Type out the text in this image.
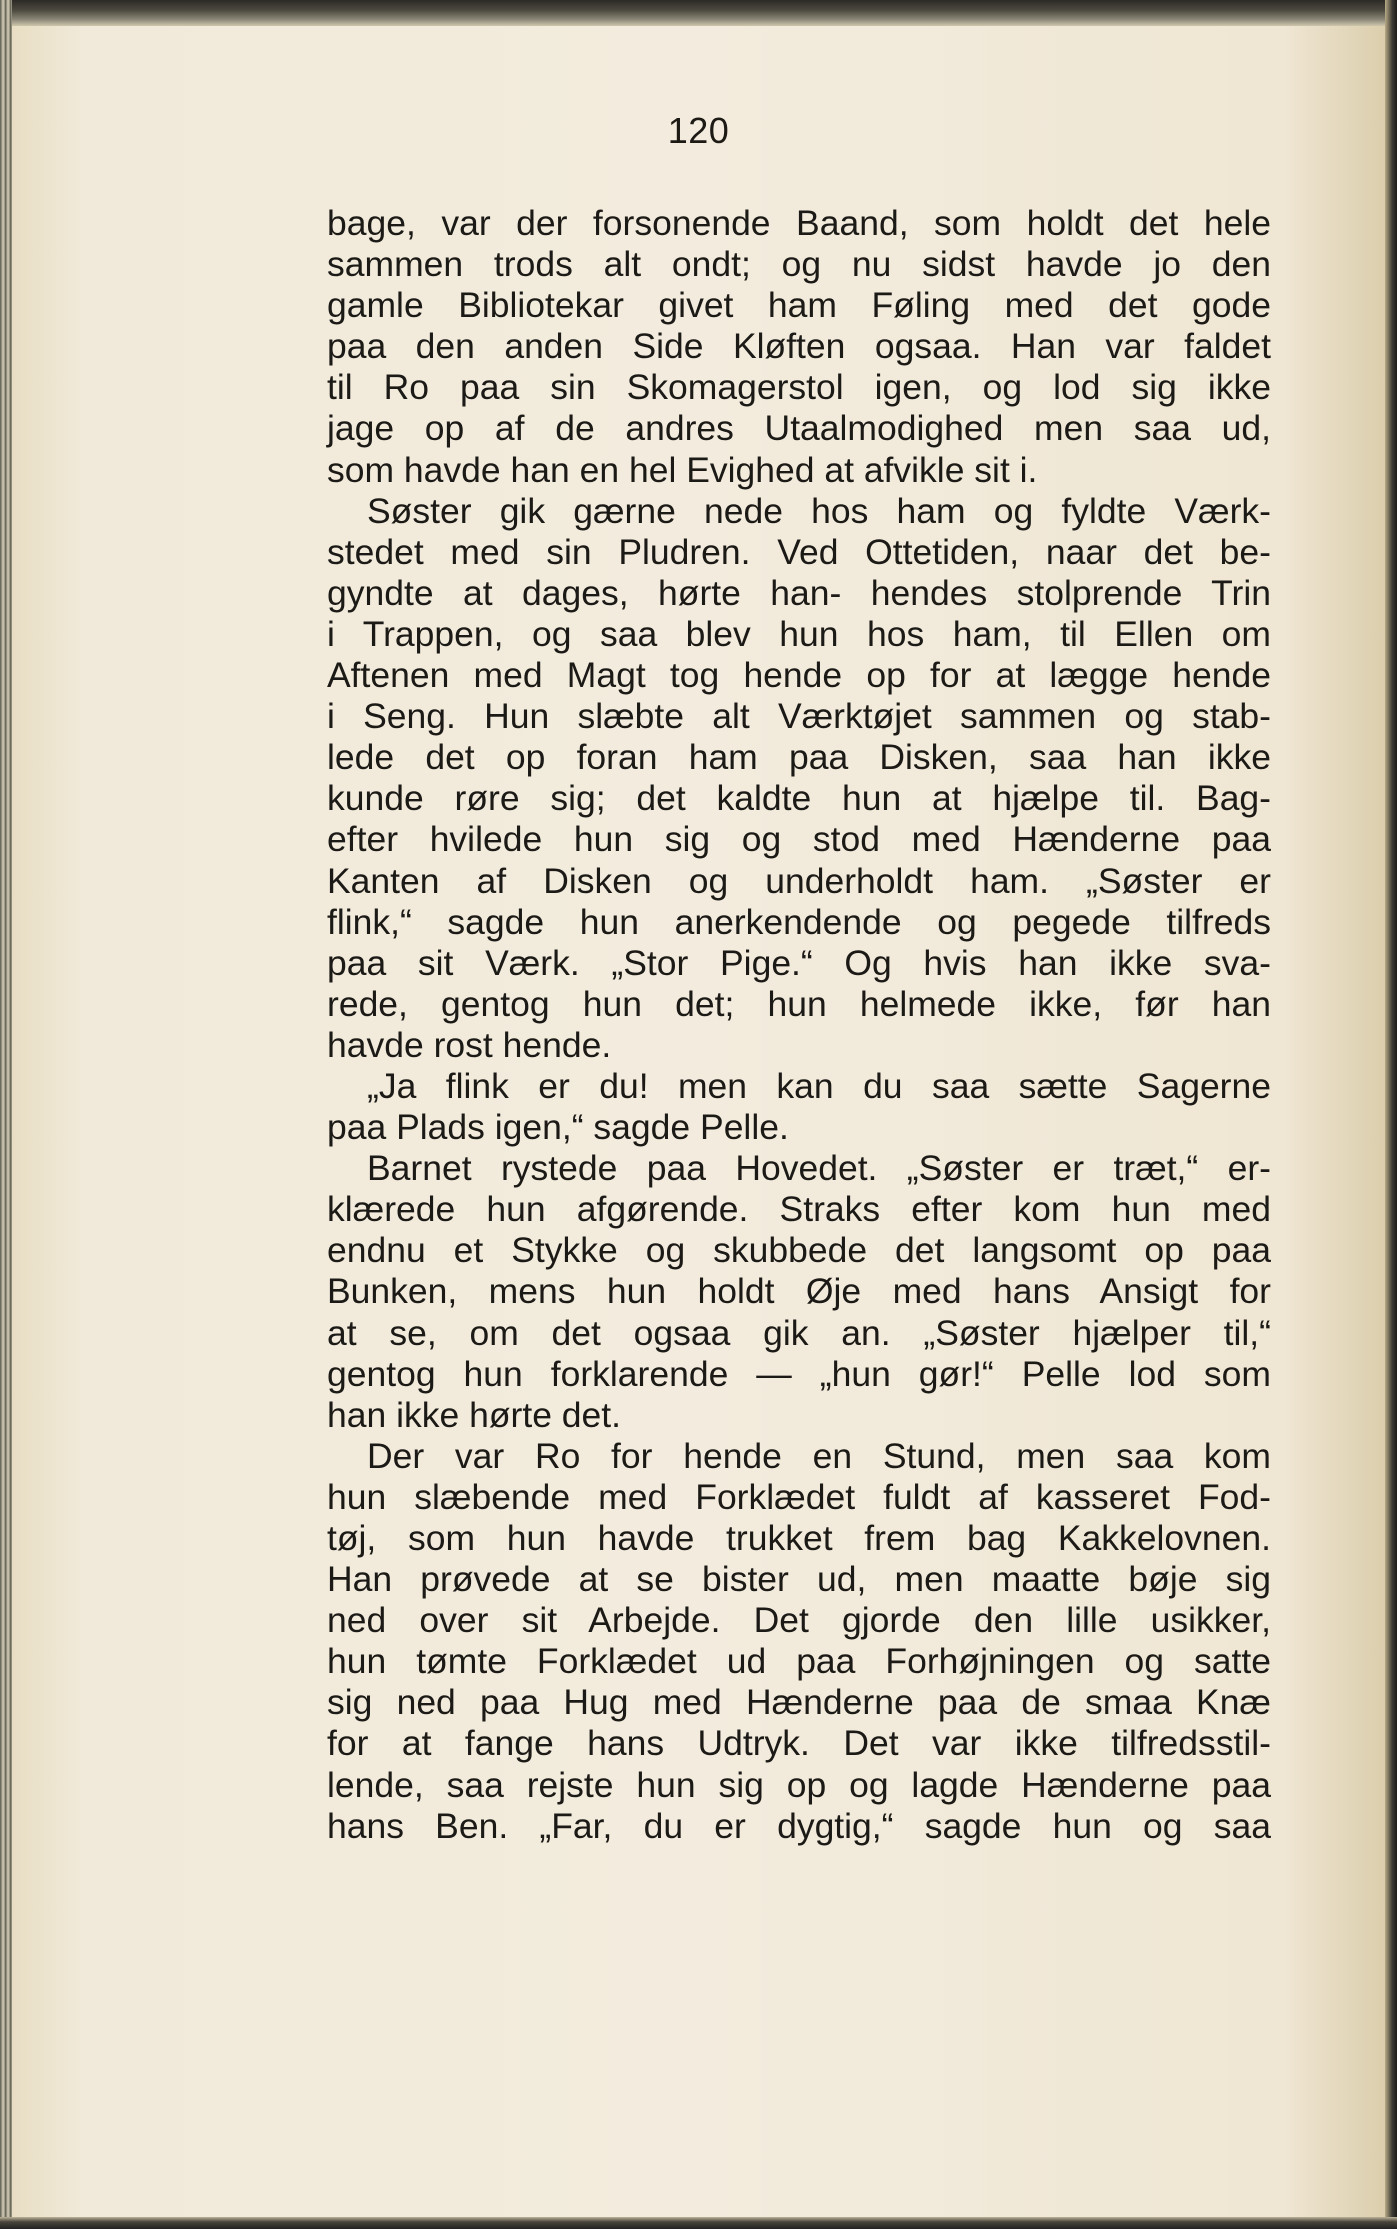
120
bage, var der forsonende Baand, som holdt det hele
sammen trods alt ondt; og nu sidst havde jo den
gamle Bibliotekar givet ham Føling med det gode
paa den anden Side Kløften ogsaa. Han var faldet
til Ro paa sin Skomagerstol igen, og lod sig ikke
jage op af de andres Utaalmodighed men saa ud,
som havde han en hel Evighed at afvikle sit i.
Søster gik gærne nede hos ham og fyldte Værk-
stedet med sin Pludren. Ved Ottetiden, naar det be-
gyndte at dages, hørte han- hendes stolprende Trin
i Trappen, og saa blev hun hos ham, til Ellen om
Aftenen med Magt tog hende op for at lægge hende
i Seng. Hun slæbte alt Værktøjet sammen og stab-
lede det op foran ham paa Disken, saa han ikke
kunde røre sig; det kaldte hun at hjælpe til. Bag-
efter hvilede hun sig og stod med Hænderne paa
Kanten af Disken og underholdt ham. „Søster er
flink,“ sagde hun anerkendende og pegede tilfreds
paa sit Værk. „Stor Pige.“ Og hvis han ikke sva-
rede, gentog hun det; hun helmede ikke, før han
havde rost hende.
„Ja flink er du! men kan du saa sætte Sagerne
paa Plads igen,“ sagde Pelle.
Barnet rystede paa Hovedet. „Søster er træt,“ er-
klærede hun afgørende. Straks efter kom hun med
endnu et Stykke og skubbede det langsomt op paa
Bunken, mens hun holdt Øje med hans Ansigt for
at se, om det ogsaa gik an. „Søster hjælper til,“
gentog hun forklarende — „hun gør!“ Pelle lod som
han ikke hørte det.
Der var Ro for hende en Stund, men saa kom
hun slæbende med Forklædet fuldt af kasseret Fod-
tøj, som hun havde trukket frem bag Kakkelovnen.
Han prøvede at se bister ud, men maatte bøje sig
ned over sit Arbejde. Det gjorde den lille usikker,
hun tømte Forklædet ud paa Forhøjningen og satte
sig ned paa Hug med Hænderne paa de smaa Knæ
for at fange hans Udtryk. Det var ikke tilfredsstil-
lende, saa rejste hun sig op og lagde Hænderne paa
hans Ben. „Far, du er dygtig,“ sagde hun og saa
